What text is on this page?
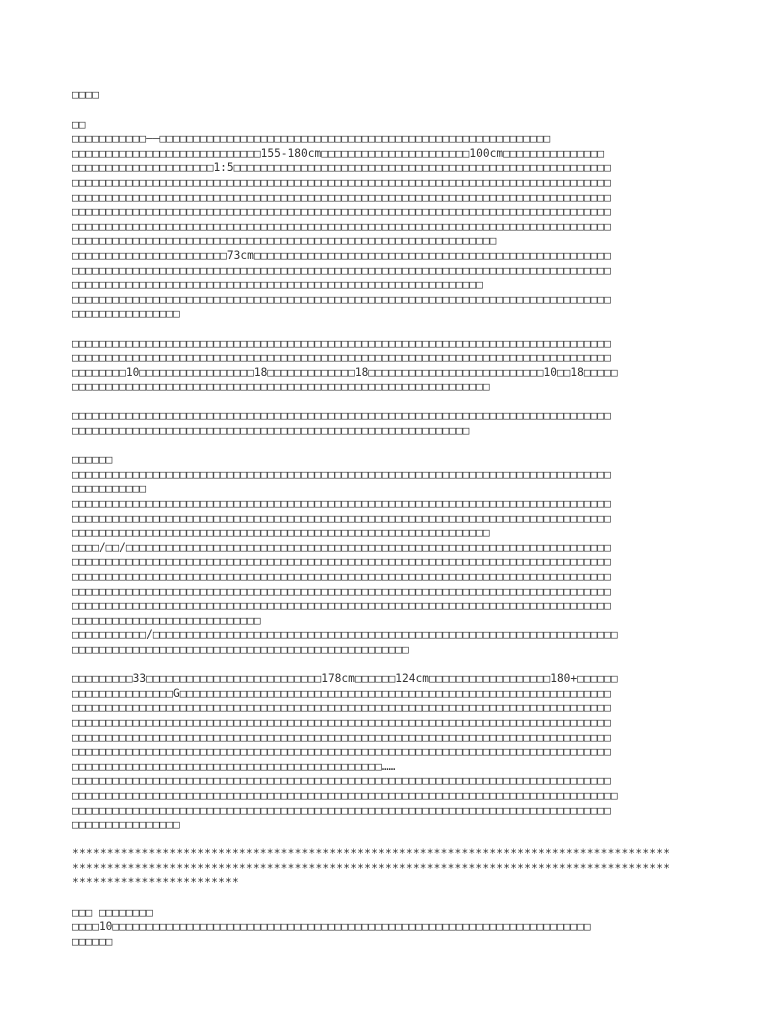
□□□□
□□
□□□□□□□□□□□——□□□□□□□□□□□□□□□□□□□□□□□□□□□□□□□□□□□□□□□□□□□□□□□□□□□□□□□□□□
□□□□□□□□□□□□□□□□□□□□□□□□□□□□155-180cm□□□□□□□□□□□□□□□□□□□□□□100cm□□□□□□□□□□□□□□□
□□□□□□□□□□□□□□□□□□□□□1:5□□□□□□□□□□□□□□□□□□□□□□□□□□□□□□□□□□□□□□□□□□□□□□□□□□□□□□□□
□□□□□□□□□□□□□□□□□□□□□□□□□□□□□□□□□□□□□□□□□□□□□□□□□□□□□□□□□□□□□□□□□□□□□□□□□□□□□□□□
□□□□□□□□□□□□□□□□□□□□□□□□□□□□□□□□□□□□□□□□□□□□□□□□□□□□□□□□□□□□□□□□□□□□□□□□□□□□□□□□
□□□□□□□□□□□□□□□□□□□□□□□□□□□□□□□□□□□□□□□□□□□□□□□□□□□□□□□□□□□□□□□□□□□□□□□□□□□□□□□□
□□□□□□□□□□□□□□□□□□□□□□□□□□□□□□□□□□□□□□□□□□□□□□□□□□□□□□□□□□□□□□□□□□□□□□□□□□□□□□□□
□□□□□□□□□□□□□□□□□□□□□□□□□□□□□□□□□□□□□□□□□□□□□□□□□□□□□□□□□□□□□□□
□□□□□□□□□□□□□□□□□□□□□□□73cm□□□□□□□□□□□□□□□□□□□□□□□□□□□□□□□□□□□□□□□□□□□□□□□□□□□□□
□□□□□□□□□□□□□□□□□□□□□□□□□□□□□□□□□□□□□□□□□□□□□□□□□□□□□□□□□□□□□□□□□□□□□□□□□□□□□□□□
□□□□□□□□□□□□□□□□□□□□□□□□□□□□□□□□□□□□□□□□□□□□□□□□□□□□□□□□□□□□□
□□□□□□□□□□□□□□□□□□□□□□□□□□□□□□□□□□□□□□□□□□□□□□□□□□□□□□□□□□□□□□□□□□□□□□□□□□□□□□□□
□□□□□□□□□□□□□□□□
□□□□□□□□□□□□□□□□□□□□□□□□□□□□□□□□□□□□□□□□□□□□□□□□□□□□□□□□□□□□□□□□□□□□□□□□□□□□□□□□
□□□□□□□□□□□□□□□□□□□□□□□□□□□□□□□□□□□□□□□□□□□□□□□□□□□□□□□□□□□□□□□□□□□□□□□□□□□□□□□□
□□□□□□□□10□□□□□□□□□□□□□□□□□18□□□□□□□□□□□□□18□□□□□□□□□□□□□□□□□□□□□□□□□□10□□18□□□□□
□□□□□□□□□□□□□□□□□□□□□□□□□□□□□□□□□□□□□□□□□□□□□□□□□□□□□□□□□□□□□□
□□□□□□□□□□□□□□□□□□□□□□□□□□□□□□□□□□□□□□□□□□□□□□□□□□□□□□□□□□□□□□□□□□□□□□□□□□□□□□□□
□□□□□□□□□□□□□□□□□□□□□□□□□□□□□□□□□□□□□□□□□□□□□□□□□□□□□□□□□□□
□□□□□□
□□□□□□□□□□□□□□□□□□□□□□□□□□□□□□□□□□□□□□□□□□□□□□□□□□□□□□□□□□□□□□□□□□□□□□□□□□□□□□□□
□□□□□□□□□□□
□□□□□□□□□□□□□□□□□□□□□□□□□□□□□□□□□□□□□□□□□□□□□□□□□□□□□□□□□□□□□□□□□□□□□□□□□□□□□□□□
□□□□□□□□□□□□□□□□□□□□□□□□□□□□□□□□□□□□□□□□□□□□□□□□□□□□□□□□□□□□□□□□□□□□□□□□□□□□□□□□
□□□□□□□□□□□□□□□□□□□□□□□□□□□□□□□□□□□□□□□□□□□□□□□□□□□□□□□□□□□□□□
□□□□/□□/□□□□□□□□□□□□□□□□□□□□□□□□□□□□□□□□□□□□□□□□□□□□□□□□□□□□□□□□□□□□□□□□□□□□□□□□
□□□□□□□□□□□□□□□□□□□□□□□□□□□□□□□□□□□□□□□□□□□□□□□□□□□□□□□□□□□□□□□□□□□□□□□□□□□□□□□□
□□□□□□□□□□□□□□□□□□□□□□□□□□□□□□□□□□□□□□□□□□□□□□□□□□□□□□□□□□□□□□□□□□□□□□□□□□□□□□□□
□□□□□□□□□□□□□□□□□□□□□□□□□□□□□□□□□□□□□□□□□□□□□□□□□□□□□□□□□□□□□□□□□□□□□□□□□□□□□□□□
□□□□□□□□□□□□□□□□□□□□□□□□□□□□□□□□□□□□□□□□□□□□□□□□□□□□□□□□□□□□□□□□□□□□□□□□□□□□□□□□
□□□□□□□□□□□□□□□□□□□□□□□□□□□□
□□□□□□□□□□□/□□□□□□□□□□□□□□□□□□□□□□□□□□□□□□□□□□□□□□□□□□□□□□□□□□□□□□□□□□□□□□□□□□□□□
□□□□□□□□□□□□□□□□□□□□□□□□□□□□□□□□□□□□□□□□□□□□□□□□□□
□□□□□□□□□33□□□□□□□□□□□□□□□□□□□□□□□□□□178cm□□□□□□124cm□□□□□□□□□□□□□□□□□□180+□□□□□□
□□□□□□□□□□□□□□□G□□□□□□□□□□□□□□□□□□□□□□□□□□□□□□□□□□□□□□□□□□□□□□□□□□□□□□□□□□□□□□□□
□□□□□□□□□□□□□□□□□□□□□□□□□□□□□□□□□□□□□□□□□□□□□□□□□□□□□□□□□□□□□□□□□□□□□□□□□□□□□□□□
□□□□□□□□□□□□□□□□□□□□□□□□□□□□□□□□□□□□□□□□□□□□□□□□□□□□□□□□□□□□□□□□□□□□□□□□□□□□□□□□
□□□□□□□□□□□□□□□□□□□□□□□□□□□□□□□□□□□□□□□□□□□□□□□□□□□□□□□□□□□□□□□□□□□□□□□□□□□□□□□□
□□□□□□□□□□□□□□□□□□□□□□□□□□□□□□□□□□□□□□□□□□□□□□□□□□□□□□□□□□□□□□□□□□□□□□□□□□□□□□□□
□□□□□□□□□□□□□□□□□□□□□□□□□□□□□□□□□□□□□□□□□□□□□□……
□□□□□□□□□□□□□□□□□□□□□□□□□□□□□□□□□□□□□□□□□□□□□□□□□□□□□□□□□□□□□□□□□□□□□□□□□□□□□□□□
□□□□□□□□□□□□□□□□□□□□□□□□□□□□□□□□□□□□□□□□□□□□□□□□□□□□□□□□□□□□□□□□□□□□□□□□□□□□□□□□□
□□□□□□□□□□□□□□□□□□□□□□□□□□□□□□□□□□□□□□□□□□□□□□□□□□□□□□□□□□□□□□□□□□□□□□□□□□□□□□□□
□□□□□□□□□□□□□□□□
**************************************************************************************
**************************************************************************************
************************
□□□ □□□□□□□□
□□□□10□□□□□□□□□□□□□□□□□□□□□□□□□□□□□□□□□□□□□□□□□□□□□□□□□□□□□□□□□□□□□□□□□□□□□□□
□□□□□□
